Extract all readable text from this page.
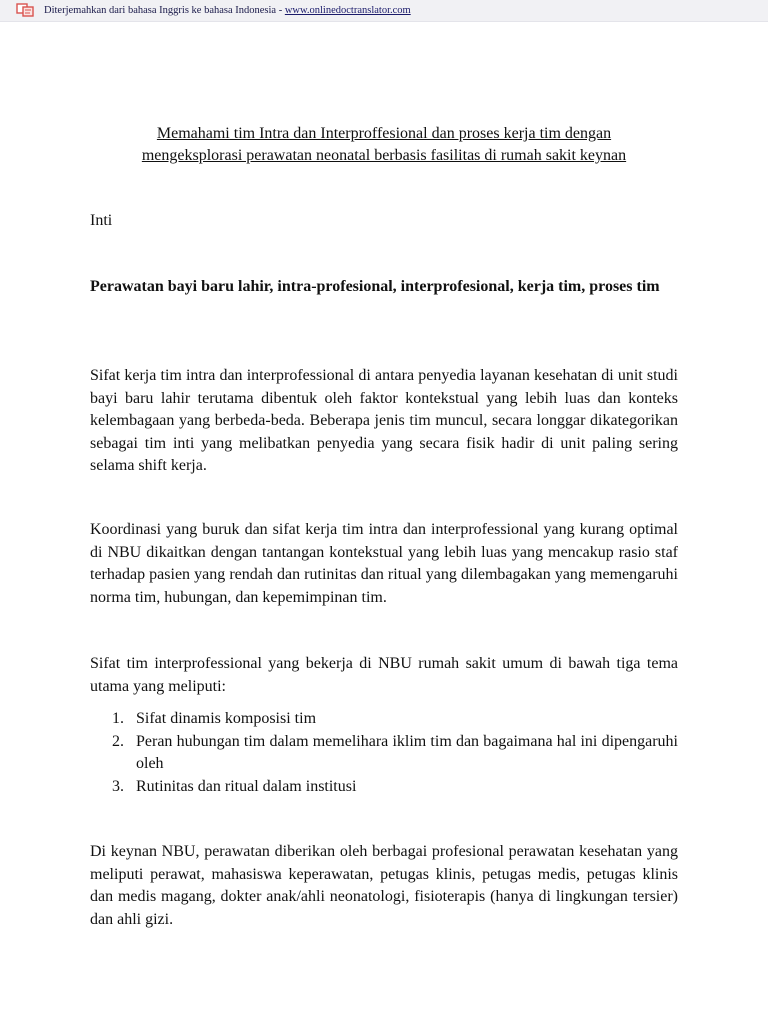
Diterjemahkan dari bahasa Inggris ke bahasa Indonesia - www.onlinedoctranslator.com
Memahami tim Intra dan Interproffesional dan proses kerja tim dengan
mengeksplorasi perawatan neonatal berbasis fasilitas di rumah sakit keynan

Inti

Perawatan bayi baru lahir, intra-profesional, interprofesional, kerja tim, proses tim

Sifat kerja tim intra dan interprofessional di antara penyedia layanan kesehatan di unit studi bayi baru lahir terutama dibentuk oleh faktor kontekstual yang lebih luas dan konteks kelembagaan yang berbeda-beda. Beberapa jenis tim muncul, secara longgar dikategorikan sebagai tim inti yang melibatkan penyedia yang secara fisik hadir di unit paling sering selama shift kerja.

Koordinasi yang buruk dan sifat kerja tim intra dan interprofessional yang kurang optimal di NBU dikaitkan dengan tantangan kontekstual yang lebih luas yang mencakup rasio staf terhadap pasien yang rendah dan rutinitas dan ritual yang dilembagakan yang memengaruhi norma tim, hubungan, dan kepemimpinan tim.

Sifat tim interprofessional yang bekerja di NBU rumah sakit umum di bawah tiga tema utama yang meliputi:

1. Sifat dinamis komposisi tim
2. Peran hubungan tim dalam memelihara iklim tim dan bagaimana hal ini dipengaruhi oleh
3. Rutinitas dan ritual dalam institusi

Di keynan NBU, perawatan diberikan oleh berbagai profesional perawatan kesehatan yang meliputi perawat, mahasiswa keperawatan, petugas klinis, petugas medis, petugas klinis dan medis magang, dokter anak/ahli neonatologi, fisioterapis (hanya di lingkungan tersier) dan ahli gizi.
